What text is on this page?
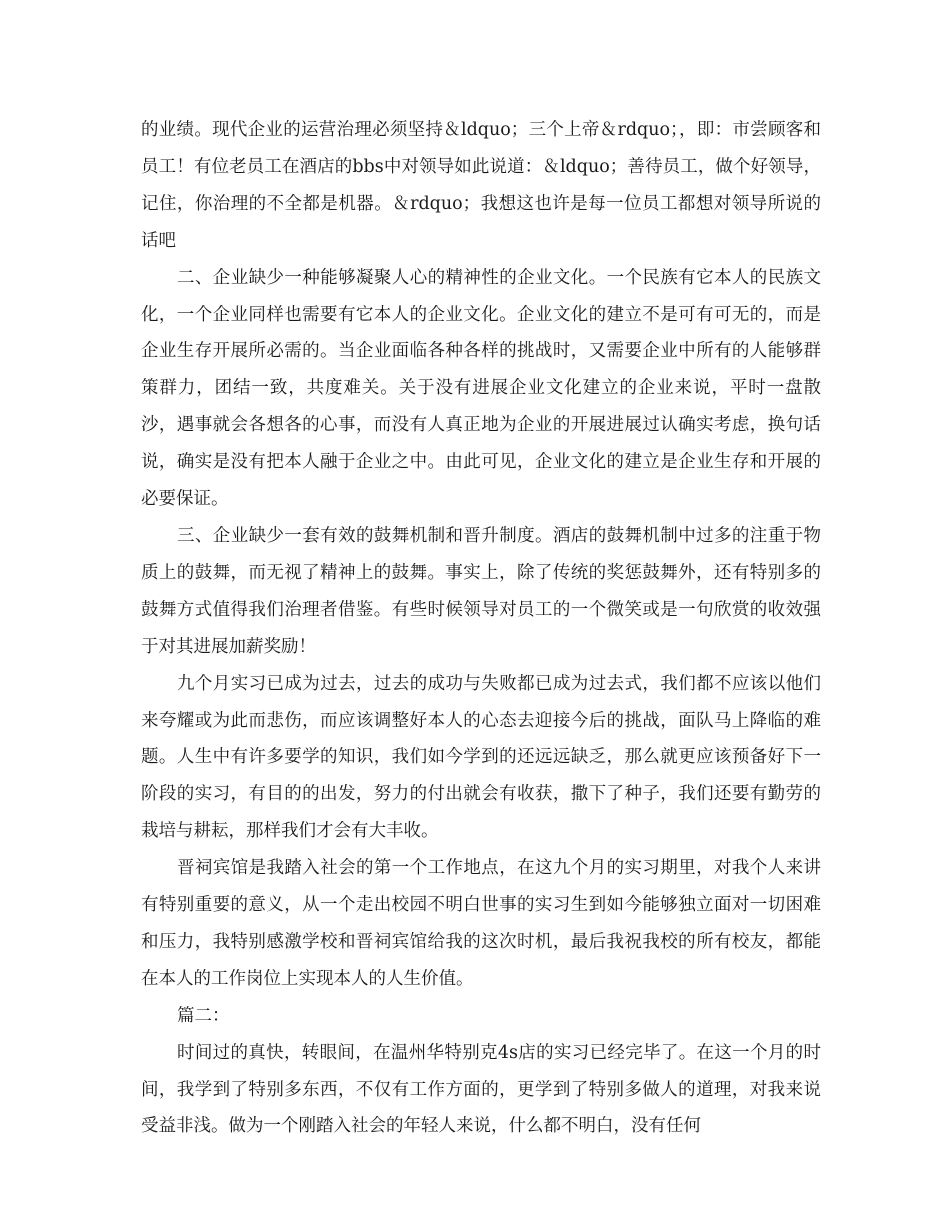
的业绩。现代企业的运营治理必须坚持＆ldquo；三个上帝＆rdquo；，即：市尝顾客和员工！有位老员工在酒店的bbs中对领导如此说道：＆ldquo；善待员工，做个好领导，记住，你治理的不全都是机器。＆rdquo；我想这也许是每一位员工都想对领导所说的话吧

二、企业缺少一种能够凝聚人心的精神性的企业文化。一个民族有它本人的民族文化，一个企业同样也需要有它本人的企业文化。企业文化的建立不是可有可无的，而是企业生存开展所必需的。当企业面临各种各样的挑战时，又需要企业中所有的人能够群策群力，团结一致，共度难关。关于没有进展企业文化建立的企业来说，平时一盘散沙，遇事就会各想各的心事，而没有人真正地为企业的开展进展过认确实考虑，换句话说，确实是没有把本人融于企业之中。由此可见，企业文化的建立是企业生存和开展的必要保证。

三、企业缺少一套有效的鼓舞机制和晋升制度。酒店的鼓舞机制中过多的注重于物质上的鼓舞，而无视了精神上的鼓舞。事实上，除了传统的奖惩鼓舞外，还有特别多的鼓舞方式值得我们治理者借鉴。有些时候领导对员工的一个微笑或是一句欣赏的收效强于对其进展加薪奖励！

九个月实习已成为过去，过去的成功与失败都已成为过去式，我们都不应该以他们来夸耀或为此而悲伤，而应该调整好本人的心态去迎接今后的挑战，面队马上降临的难题。人生中有许多要学的知识，我们如今学到的还远远缺乏，那么就更应该预备好下一阶段的实习，有目的的出发，努力的付出就会有收获，撒下了种子，我们还要有勤劳的栽培与耕耘，那样我们才会有大丰收。

晋祠宾馆是我踏入社会的第一个工作地点，在这九个月的实习期里，对我个人来讲有特别重要的意义，从一个走出校园不明白世事的实习生到如今能够独立面对一切困难和压力，我特别感激学校和晋祠宾馆给我的这次时机，最后我祝我校的所有校友，都能在本人的工作岗位上实现本人的人生价值。

篇二：

时间过的真快，转眼间，在温州华特别克4s店的实习已经完毕了。在这一个月的时间，我学到了特别多东西，不仅有工作方面的，更学到了特别多做人的道理，对我来说受益非浅。做为一个刚踏入社会的年轻人来说，什么都不明白，没有任何
